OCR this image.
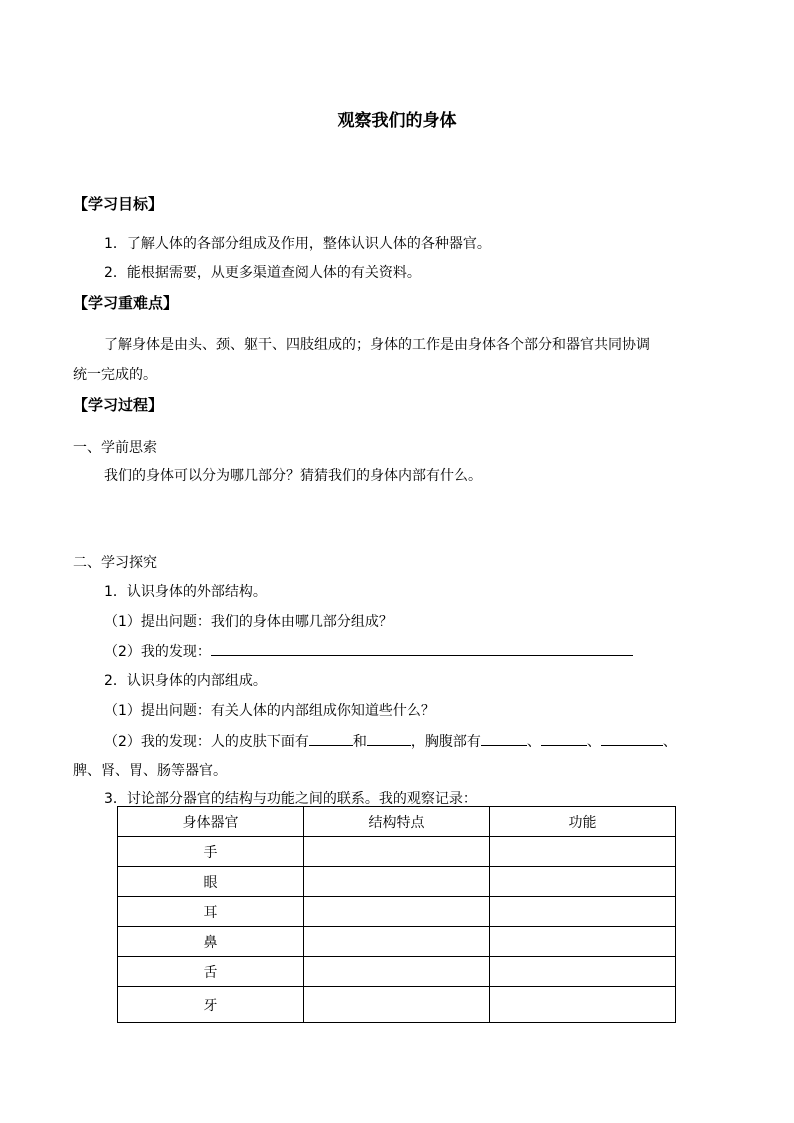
观察我们的身体
【学习目标】
1．了解人体的各部分组成及作用，整体认识人体的各种器官。
2．能根据需要，从更多渠道查阅人体的有关资料。
【学习重难点】
了解身体是由头、颈、躯干、四肢组成的；身体的工作是由身体各个部分和器官共同协调
统一完成的。
【学习过程】
一、学前思索
我们的身体可以分为哪几部分？猜猜我们的身体内部有什么。
二、学习探究
1．认识身体的外部结构。
（1）提出问题：我们的身体由哪几部分组成？
（2）我的发现：
2．认识身体的内部组成。
（1）提出问题：有关人体的内部组成你知道些什么？
（2）我的发现：人的皮肤下面有	和	，胸腹部有	、	、	、
脾、肾、胃、肠等器官。
3．讨论部分器官的结构与功能之间的联系。我的观察记录：
身体器官	结构特点	功能
手		
眼		
耳		
鼻		
舌		
牙		
